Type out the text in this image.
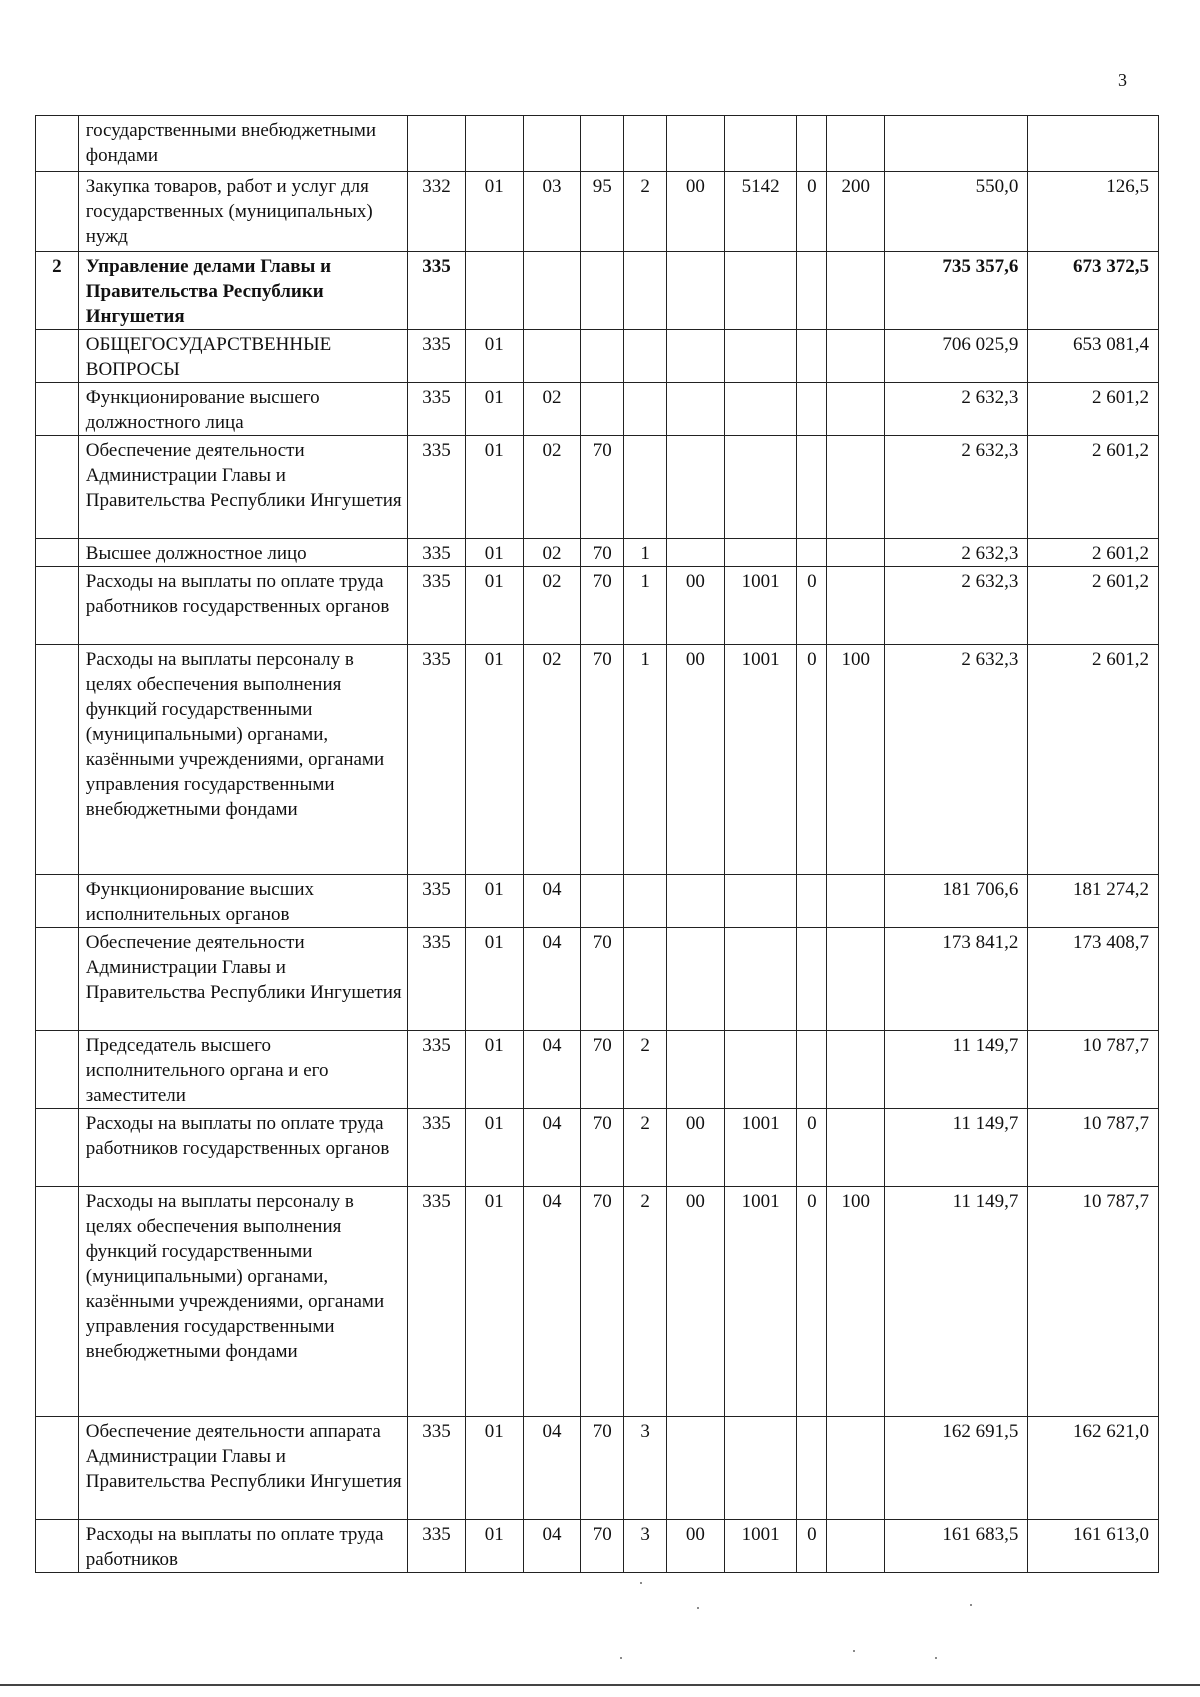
3
	государственными внебюджетными фондами											
	Закупка товаров, работ и услуг для государственных (муниципальных) нужд	332	01	03	95	2	00	5142	0	200	550,0	126,5
2	Управление делами Главы и Правительства Республики Ингушетия	335									735 357,6	673 372,5
	ОБЩЕГОСУДАРСТВЕННЫЕ ВОПРОСЫ	335	01								706 025,9	653 081,4
	Функционирование высшего должностного лица	335	01	02							2 632,3	2 601,2
	Обеспечение деятельности Администрации Главы и Правительства Республики Ингушетия	335	01	02	70						2 632,3	2 601,2
	Высшее должностное лицо	335	01	02	70	1					2 632,3	2 601,2
	Расходы на выплаты по оплате труда работников государственных органов	335	01	02	70	1	00	1001	0		2 632,3	2 601,2
	Расходы на выплаты персоналу в целях обеспечения выполнения функций государственными (муниципальными) органами, казёнными учреждениями, органами управления государственными внебюджетными фондами	335	01	02	70	1	00	1001	0	100	2 632,3	2 601,2
	Функционирование высших исполнительных органов	335	01	04							181 706,6	181 274,2
	Обеспечение деятельности Администрации Главы и Правительства Республики Ингушетия	335	01	04	70						173 841,2	173 408,7
	Председатель высшего исполнительного органа и его заместители	335	01	04	70	2					11 149,7	10 787,7
	Расходы на выплаты по оплате труда работников государственных органов	335	01	04	70	2	00	1001	0		11 149,7	10 787,7
	Расходы на выплаты персоналу в целях обеспечения выполнения функций государственными (муниципальными) органами, казёнными учреждениями, органами управления государственными внебюджетными фондами	335	01	04	70	2	00	1001	0	100	11 149,7	10 787,7
	Обеспечение деятельности аппарата Администрации Главы и Правительства Республики Ингушетия	335	01	04	70	3					162 691,5	162 621,0
	Расходы на выплаты по оплате труда работников	335	01	04	70	3	00	1001	0		161 683,5	161 613,0
